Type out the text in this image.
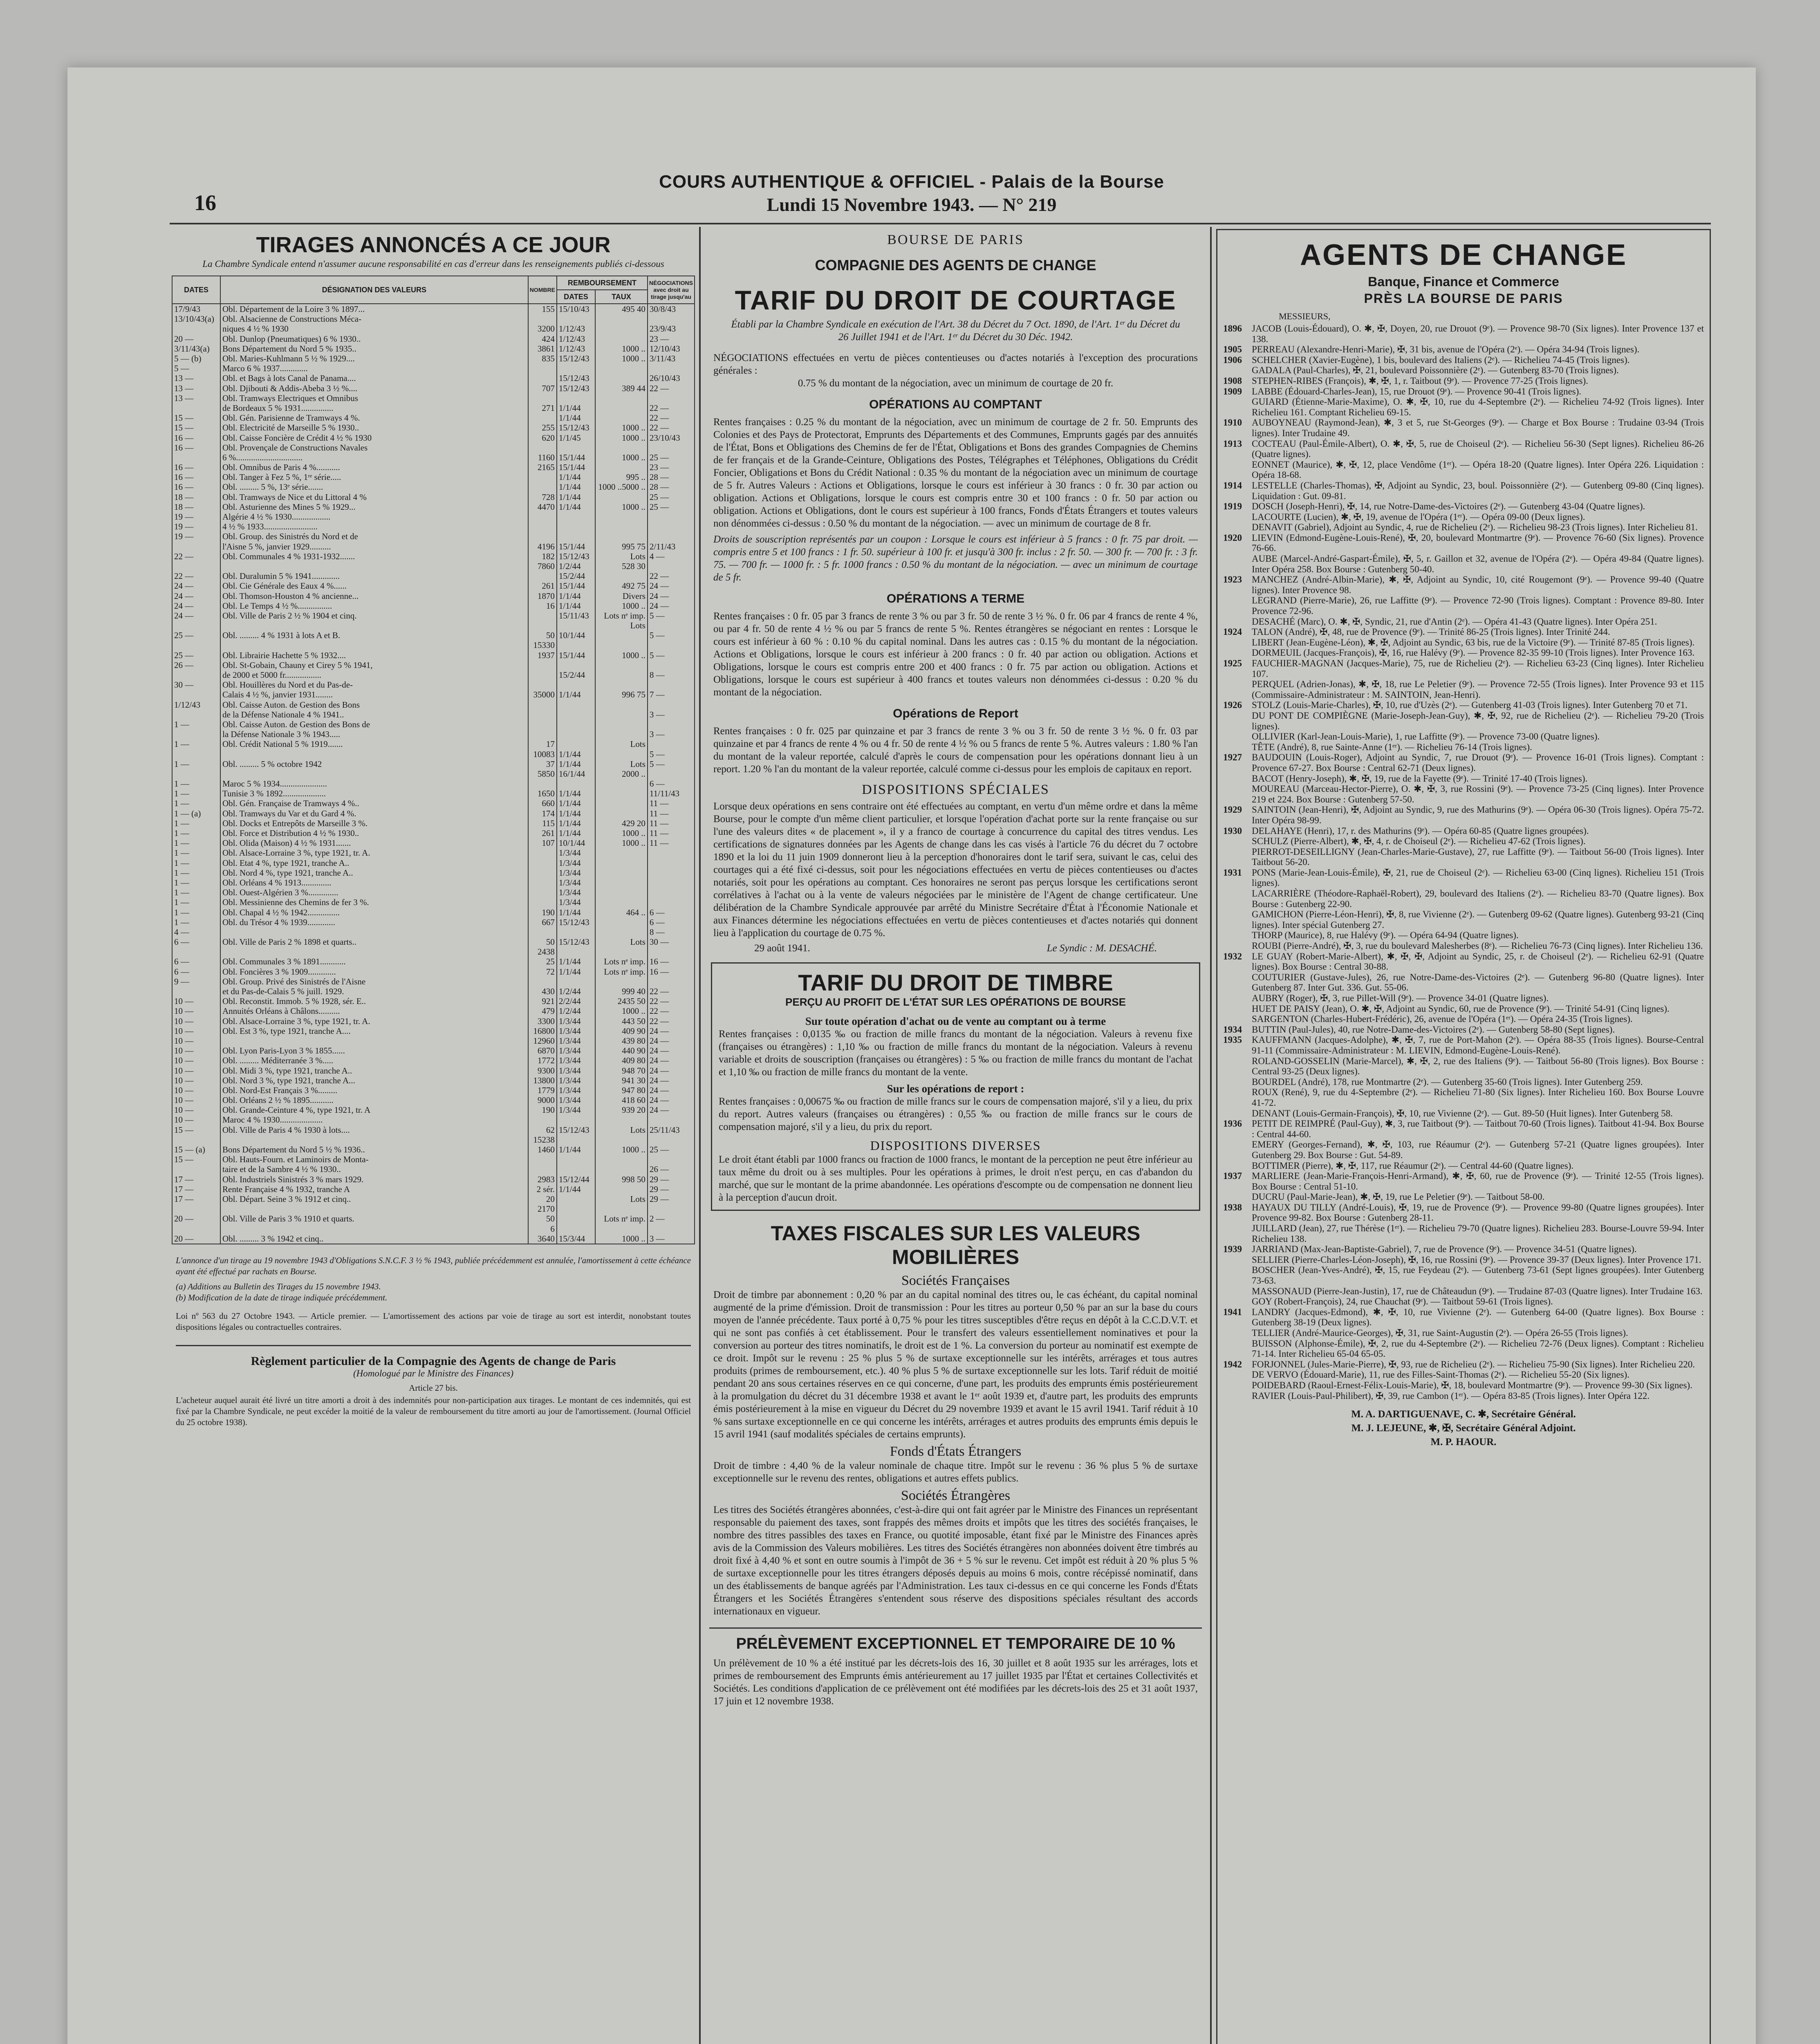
16
COURS AUTHENTIQUE & OFFICIEL - Palais de la Bourse
Lundi 15 Novembre 1943. — N° 219
TIRAGES ANNONCÉS A CE JOUR
La Chambre Syndicale entend n'assumer aucune responsabilité en cas d'erreur dans les renseignements publiés ci-dessous
DATES	DÉSIGNATION DES VALEURS	NOMBRE	REMBOURSEMENT		NÉGOCIATIONS avec droit au tirage jusqu'au
			DATES	TAUX	
17/9/43	Obl. Département de la Loire 3 % 1897...	155	15/10/43	495 40	30/8/43
13/10/43(a)	Obl. Alsacienne de Constructions Méca-				
	niques 4 ½ % 1930	3200	1/12/43		23/9/43
20 —	Obl. Dunlop (Pneumatiques) 6 % 1930..	424	1/12/43		23 —
3/11/43(a)	Bons Département du Nord 5 % 1935..	3861	1/12/43	1000 ..	12/10/43
5 — (b)	Obl. Maries-Kuhlmann 5 ½ % 1929....	835	15/12/43	1000 ..	3/11/43
5 —	Marco 6 % 1937.............				
13 —	Obl. et Bags à lots Canal de Panama....		15/12/43		26/10/43
13 —	Obl. Djibouti & Addis-Abeba 3 ½ %....	707	15/12/43	389 44	22 —
13 —	Obl. Tramways Electriques et Omnibus				
	de Bordeaux 5 % 1931...............	271	1/1/44		22 —
15 —	Obl. Gén. Parisienne de Tramways 4 %.		1/1/44		22 —
15 —	Obl. Electricité de Marseille 5 % 1930..	255	15/12/43	1000 ..	22 —
16 —	Obl. Caisse Foncière de Crédit 4 ½ % 1930	620	1/1/45	1000 ..	23/10/43
16 —	Obl. Provençale de Constructions Navales				
	6 %...............................	1160	15/1/44	1000 ..	25 —
16 —	Obl. Omnibus de Paris 4 %...........	2165	15/1/44		23 —
16 —	Obl. Tanger à Fez 5 %, 1ʳᵉ série.....		1/1/44	995 ..	28 —
16 —	Obl. ......... 5 %, 13ᵉ série.......		1/1/44	1000 ..5000 ..	28 —
18 —	Obl. Tramways de Nice et du Littoral 4 %	728	1/1/44		25 —
18 —	Obl. Asturienne des Mines 5 % 1929...	4470	1/1/44	1000 ..	25 —
19 —	Algérie 4 ½ % 1930..................				
19 —	4 ½ % 1933.........................				
19 —	Obl. Group. des Sinistrés du Nord et de				
	l'Aisne 5 %, janvier 1929..........	4196	15/1/44	995 75	2/11/43
22 —	Obl. Communales 4 % 1931-1932.......	182	15/12/43	Lots	4 —
		7860	1/2/44	528 30	
22 —	Obl. Duralumin 5 % 1941.............		15/2/44		22 —
24 —	Obl. Cie Générale des Eaux 4 %......	261	15/1/44	492 75	24 —
24 —	Obl. Thomson-Houston 4 % ancienne...	1870	1/1/44	Divers	24 —
24 —	Obl. Le Temps 4 ½ %................	16	1/1/44	1000 ..	24 —
24 —	Obl. Ville de Paris 2 ½ % 1904 et cinq.		15/11/43	Lots nᵉ imp.	5 —
				Lots	
25 —	Obl. ......... 4 % 1931 à lots A et B.	50	10/1/44		5 —
		15330			
25 —	Obl. Librairie Hachette 5 % 1932....	1937	15/1/44	1000 ..	5 —
26 —	Obl. St-Gobain, Chauny et Cirey 5 % 1941,				
	de 2000 et 5000 fr.................		15/2/44		8 —
30 —	Obl. Houillères du Nord et du Pas-de-				
	Calais 4 ½ %, janvier 1931........	35000	1/1/44	996 75	7 —
1/12/43	Obl. Caisse Auton. de Gestion des Bons				
	de la Défense Nationale 4 % 1941..				3 —
1 —	Obl. Caisse Auton. de Gestion des Bons de				
	la Défense Nationale 3 % 1943.....				3 —
1 —	Obl. Crédit National 5 % 1919.......	17		Lots	
		10083	1/1/44		5 —
1 —	Obl. ......... 5 % octobre 1942	37	1/1/44	Lots	5 —
		5850	16/1/44	2000 ..	
1 —	Maroc 5 % 1934......................				6 —
1 —	Tunisie 3 % 1892....................	1650	1/1/44		11/11/43
1 —	Obl. Gén. Française de Tramways 4 %..	660	1/1/44		11 —
1 — (a)	Obl. Tramways du Var et du Gard 4 %.	174	1/1/44		11 —
1 —	Obl. Docks et Entrepôts de Marseille 3 %.	115	1/1/44	429 20	11 —
1 —	Obl. Force et Distribution 4 ½ % 1930..	261	1/1/44	1000 ..	11 —
1 —	Obl. Olida (Maison) 4 ½ % 1931.......	107	10/1/44	1000 ..	11 —
1 —	Obl. Alsace-Lorraine 3 %, type 1921, tr. A.		1/3/44		
1 —	Obl. Etat 4 %, type 1921, tranche A..		1/3/44		
1 —	Obl. Nord 4 %, type 1921, tranche A..		1/3/44		
1 —	Obl. Orléans 4 % 1913..............		1/3/44		
1 —	Obl. Ouest-Algérien 3 %..............		1/3/44		
1 —	Obl. Messinienne des Chemins de fer 3 %.		1/3/44		
1 —	Obl. Chapal 4 ½ % 1942...............	190	1/1/44	464 ..	6 —
1 —	Obl. du Trésor 4 % 1939.............	667	15/12/43		6 —
4 —					8 —
6 —	Obl. Ville de Paris 2 % 1898 et quarts..	50	15/12/43	Lots	30 —
		2438			
6 —	Obl. Communales 3 % 1891............	25	1/1/44	Lots nᵉ imp.	16 —
6 —	Obl. Foncières 3 % 1909.............	72	1/1/44	Lots nᵉ imp.	16 —
9 —	Obl. Group. Privé des Sinistrés de l'Aisne				
	et du Pas-de-Calais 5 % juill. 1929.	430	1/2/44	999 40	22 —
10 —	Obl. Reconstit. Immob. 5 % 1928, sér. E..	921	2/2/44	2435 50	22 —
10 —	Annuités Orléans à Châlons..........	479	1/2/44	1000 ..	22 —
10 —	Obl. Alsace-Lorraine 3 %, type 1921, tr. A.	3300	1/3/44	443 50	22 —
10 —	Obl. Est 3 %, type 1921, tranche A....	16800	1/3/44	409 90	24 —
10 —		12960	1/3/44	439 80	24 —
10 —	Obl. Lyon Paris-Lyon 3 % 1855......	6870	1/3/44	440 90	24 —
10 —	Obl. ......... Méditerranée 3 %.....	1772	1/3/44	409 80	24 —
10 —	Obl. Midi 3 %, type 1921, tranche A..	9300	1/3/44	948 70	24 —
10 —	Obl. Nord 3 %, type 1921, tranche A...	13800	1/3/44	941 30	24 —
10 —	Obl. Nord-Est Français 3 %.........	1779	1/3/44	947 80	24 —
10 —	Obl. Orléans 2 ½ % 1895...........	9000	1/3/44	418 60	24 —
10 —	Obl. Grande-Ceinture 4 %, type 1921, tr. A	190	1/3/44	939 20	24 —
10 —	Maroc 4 % 1930....................				
15 —	Obl. Ville de Paris 4 % 1930 à lots....	62	15/12/43	Lots	25/11/43
		15238			
15 — (a)	Bons Département du Nord 5 ½ % 1936..	1460	1/1/44	1000 ..	25 —
15 —	Obl. Hauts-Fourn. et Laminoirs de Monta-				
	taire et de la Sambre 4 ½ % 1930..				26 —
17 —	Obl. Industriels Sinistrés 3 % mars 1929.	2983	15/12/44	998 50	29 —
17 —	Rente Française 4 % 1932, tranche A	2 sér.	1/1/44		29 —
17 —	Obl. Départ. Seine 3 % 1912 et cinq..	20		Lots	29 —
		2170			
20 —	Obl. Ville de Paris 3 % 1910 et quarts.	50		Lots nᵉ imp.	2 —
		6			
20 —	Obl. ......... 3 % 1942 et cinq..	3640	15/3/44	1000 ..	3 —
L'annonce d'un tirage au 19 novembre 1943 d'Obligations S.N.C.F. 3 ½ % 1943, publiée précédemment est annulée, l'amortissement à cette échéance ayant été effectué par rachats en Bourse.
(a) Additions au Bulletin des Tirages du 15 novembre 1943.
(b) Modification de la date de tirage indiquée précédemment.
Loi nº 563 du 27 Octobre 1943. — Article premier. — L'amortissement des actions par voie de tirage au sort est interdit, nonobstant toutes dispositions légales ou contractuelles contraires.
Règlement particulier de la Compagnie des Agents de change de Paris
(Homologué par le Ministre des Finances)
Article 27 bis.
L'acheteur auquel aurait été livré un titre amorti a droit à des indemnités pour non-participation aux tirages. Le montant de ces indemnités, qui est fixé par la Chambre Syndicale, ne peut excéder la moitié de la valeur de remboursement du titre amorti au jour de l'amortissement. (Journal Officiel du 25 octobre 1938).
BOURSE DE PARIS
COMPAGNIE DES AGENTS DE CHANGE
TARIF DU DROIT DE COURTAGE
Établi par la Chambre Syndicale en exécution de l'Art. 38 du Décret du 7 Oct. 1890, de l'Art. 1ᵉʳ du Décret du 26 Juillet 1941 et de l'Art. 1ᵉʳ du Décret du 30 Déc. 1942.
NÉGOCIATIONS effectuées en vertu de pièces contentieuses ou d'actes notariés à l'exception des procurations générales :
0.75 % du montant de la négociation, avec un minimum de courtage de 20 fr.
OPÉRATIONS AU COMPTANT
Rentes françaises : 0.25 % du montant de la négociation, avec un minimum de courtage de 2 fr. 50. Emprunts des Colonies et des Pays de Protectorat, Emprunts des Départements et des Communes, Emprunts gagés par des annuités de l'État, Bons et Obligations des Chemins de fer de l'État, Obligations et Bons des grandes Compagnies de Chemins de fer français et de la Grande-Ceinture, Obligations des Postes, Télégraphes et Téléphones, Obligations du Crédit Foncier, Obligations et Bons du Crédit National : 0.35 % du montant de la négociation avec un minimum de courtage de 5 fr. Autres Valeurs : Actions et Obligations, lorsque le cours est inférieur à 30 francs : 0 fr. 30 par action ou obligation. Actions et Obligations, lorsque le cours est compris entre 30 et 100 francs : 0 fr. 50 par action ou obligation. Actions et Obligations, dont le cours est supérieur à 100 francs, Fonds d'États Étrangers et toutes valeurs non dénommées ci-dessus : 0.50 % du montant de la négociation. — avec un minimum de courtage de 8 fr.
Droits de souscription représentés par un coupon : Lorsque le cours est inférieur à 5 francs : 0 fr. 75 par droit. — compris entre 5 et 100 francs : 1 fr. 50. supérieur à 100 fr. et jusqu'à 300 fr. inclus : 2 fr. 50. — 300 fr. — 700 fr. : 3 fr. 75. — 700 fr. — 1000 fr. : 5 fr. 1000 francs : 0.50 % du montant de la négociation. — avec un minimum de courtage de 5 fr.
OPÉRATIONS A TERME
Rentes françaises : 0 fr. 05 par 3 francs de rente 3 % ou par 3 fr. 50 de rente 3 ½ %. 0 fr. 06 par 4 francs de rente 4 %, ou par 4 fr. 50 de rente 4 ½ % ou par 5 francs de rente 5 %. Rentes étrangères se négociant en rentes : Lorsque le cours est inférieur à 60 % : 0.10 % du capital nominal. Dans les autres cas : 0.15 % du montant de la négociation. Actions et Obligations, lorsque le cours est inférieur à 200 francs : 0 fr. 40 par action ou obligation. Actions et Obligations, lorsque le cours est compris entre 200 et 400 francs : 0 fr. 75 par action ou obligation. Actions et Obligations, lorsque le cours est supérieur à 400 francs et toutes valeurs non dénommées ci-dessus : 0.20 % du montant de la négociation.
Opérations de Report
Rentes françaises : 0 fr. 025 par quinzaine et par 3 francs de rente 3 % ou 3 fr. 50 de rente 3 ½ %. 0 fr. 03 par quinzaine et par 4 francs de rente 4 % ou 4 fr. 50 de rente 4 ½ % ou 5 francs de rente 5 %. Autres valeurs : 1.80 % l'an du montant de la valeur reportée, calculé d'après le cours de compensation pour les opérations donnant lieu à un report. 1.20 % l'an du montant de la valeur reportée, calculé comme ci-dessus pour les emplois de capitaux en report.
DISPOSITIONS SPÉCIALES
Lorsque deux opérations en sens contraire ont été effectuées au comptant, en vertu d'un même ordre et dans la même Bourse, pour le compte d'un même client particulier, et lorsque l'opération d'achat porte sur la rente française ou sur l'une des valeurs dites « de placement », il y a franco de courtage à concurrence du capital des titres vendus. Les certifications de signatures données par les Agents de change dans les cas visés à l'article 76 du décret du 7 octobre 1890 et la loi du 11 juin 1909 donneront lieu à la perception d'honoraires dont le tarif sera, suivant le cas, celui des courtages qui a été fixé ci-dessus, soit pour les négociations effectuées en vertu de pièces contentieuses ou d'actes notariés, soit pour les opérations au comptant. Ces honoraires ne seront pas perçus lorsque les certifications seront corrélatives à l'achat ou à la vente de valeurs négociées par le ministère de l'Agent de change certificateur. Une délibération de la Chambre Syndicale approuvée par arrêté du Ministre Secrétaire d'État à l'Économie Nationale et aux Finances détermine les négociations effectuées en vertu de pièces contentieuses et d'actes notariés qui donnent lieu à l'application du courtage de 0.75 %.
29 août 1941.	Le Syndic : M. DESACHÉ.
TARIF DU DROIT DE TIMBRE
PERÇU AU PROFIT DE L'ÉTAT SUR LES OPÉRATIONS DE BOURSE
Sur toute opération d'achat ou de vente au comptant ou à terme
Rentes françaises : 0,0135 ‰ ou fraction de mille francs du montant de la négociation. Valeurs à revenu fixe (françaises ou étrangères) : 1,10 ‰ ou fraction de mille francs du montant de la négociation. Valeurs à revenu variable et droits de souscription (françaises ou étrangères) : 5 ‰ ou fraction de mille francs du montant de l'achat et 1,10 ‰ ou fraction de mille francs du montant de la vente.
Sur les opérations de report :
Rentes françaises : 0,00675 ‰ ou fraction de mille francs sur le cours de compensation majoré, s'il y a lieu, du prix du report. Autres valeurs (françaises ou étrangères) : 0,55 ‰ ou fraction de mille francs sur le cours de compensation majoré, s'il y a lieu, du prix du report.
DISPOSITIONS DIVERSES
Le droit étant établi par 1000 francs ou fraction de 1000 francs, le montant de la perception ne peut être inférieur au taux même du droit ou à ses multiples. Pour les opérations à primes, le droit n'est perçu, en cas d'abandon du marché, que sur le montant de la prime abandonnée. Les opérations d'escompte ou de compensation ne donnent lieu à la perception d'aucun droit.
TAXES FISCALES SUR LES VALEURS MOBILIÈRES
Sociétés Françaises
Droit de timbre par abonnement : 0,20 % par an du capital nominal des titres ou, le cas échéant, du capital nominal augmenté de la prime d'émission. Droit de transmission : Pour les titres au porteur 0,50 % par an sur la base du cours moyen de l'année précédente. Taux porté à 0,75 % pour les titres susceptibles d'être reçus en dépôt à la C.C.D.V.T. et qui ne sont pas confiés à cet établissement. Pour le transfert des valeurs essentiellement nominatives et pour la conversion au porteur des titres nominatifs, le droit est de 1 %. La conversion du porteur au nominatif est exempte de ce droit. Impôt sur le revenu : 25 % plus 5 % de surtaxe exceptionnelle sur les intérêts, arrérages et tous autres produits (primes de remboursement, etc.). 40 % plus 5 % de surtaxe exceptionnelle sur les lots. Tarif réduit de moitié pendant 20 ans sous certaines réserves en ce qui concerne, d'une part, les produits des emprunts émis postérieurement à la promulgation du décret du 31 décembre 1938 et avant le 1ᵉʳ août 1939 et, d'autre part, les produits des emprunts émis postérieurement à la mise en vigueur du Décret du 29 novembre 1939 et avant le 15 avril 1941. Tarif réduit à 10 % sans surtaxe exceptionnelle en ce qui concerne les intérêts, arrérages et autres produits des emprunts émis depuis le 15 avril 1941 (sauf modalités spéciales de certains emprunts).
Fonds d'États Étrangers
Droit de timbre : 4,40 % de la valeur nominale de chaque titre. Impôt sur le revenu : 36 % plus 5 % de surtaxe exceptionnelle sur le revenu des rentes, obligations et autres effets publics.
Sociétés Étrangères
Les titres des Sociétés étrangères abonnées, c'est-à-dire qui ont fait agréer par le Ministre des Finances un représentant responsable du paiement des taxes, sont frappés des mêmes droits et impôts que les titres des sociétés françaises, le nombre des titres passibles des taxes en France, ou quotité imposable, étant fixé par le Ministre des Finances après avis de la Commission des Valeurs mobilières. Les titres des Sociétés étrangères non abonnées doivent être timbrés au droit fixé à 4,40 % et sont en outre soumis à l'impôt de 36 + 5 % sur le revenu. Cet impôt est réduit à 20 % plus 5 % de surtaxe exceptionnelle pour les titres étrangers déposés depuis au moins 6 mois, contre récépissé nominatif, dans un des établissements de banque agréés par l'Administration. Les taux ci-dessus en ce qui concerne les Fonds d'États Étrangers et les Sociétés Étrangères s'entendent sous réserve des dispositions spéciales résultant des accords internationaux en vigueur.
PRÉLÈVEMENT EXCEPTIONNEL ET TEMPORAIRE DE 10 %
Un prélèvement de 10 % a été institué par les décrets-lois des 16, 30 juillet et 8 août 1935 sur les arrérages, lots et primes de remboursement des Emprunts émis antérieurement au 17 juillet 1935 par l'État et certaines Collectivités et Sociétés. Les conditions d'application de ce prélèvement ont été modifiées par les décrets-lois des 25 et 31 août 1937, 17 juin et 12 novembre 1938.
AGENTS DE CHANGE
Banque, Finance et Commerce
PRÈS LA BOURSE DE PARIS
MESSIEURS,
1896	JACOB (Louis-Édouard), O. ✱, ✠, Doyen, 20, rue Drouot (9ᵉ). — Provence 98-70 (Six lignes). Inter Provence 137 et 138.
1905	PERREAU (Alexandre-Henri-Marie), ✠, 31 bis, avenue de l'Opéra (2ᵉ). — Opéra 34-94 (Trois lignes).
1906	SCHELCHER (Xavier-Eugène), 1 bis, boulevard des Italiens (2ᵉ). — Richelieu 74-45 (Trois lignes).
GADALA (Paul-Charles), ✠, 21, boulevard Poissonnière (2ᵉ). — Gutenberg 83-70 (Trois lignes).
1908	STEPHEN-RIBES (François), ✱, ✠, 1, r. Taitbout (9ᵉ). — Provence 77-25 (Trois lignes).
1909	LABBE (Édouard-Charles-Jean), 15, rue Drouot (9ᵉ). — Provence 90-41 (Trois lignes).
GUIARD (Étienne-Marie-Maxime), O. ✱, ✠, 10, rue du 4-Septembre (2ᵉ). — Richelieu 74-92 (Trois lignes). Inter Richelieu 161. Comptant Richelieu 69-15.
1910	AUBOYNEAU (Raymond-Jean), ✱, 3 et 5, rue St-Georges (9ᵉ). — Charge et Box Bourse : Trudaine 03-94 (Trois lignes). Inter Trudaine 49.
1913	COCTEAU (Paul-Émile-Albert), O. ✱, ✠, 5, rue de Choiseul (2ᵉ). — Richelieu 56-30 (Sept lignes). Richelieu 86-26 (Quatre lignes).
EONNET (Maurice), ✱, ✠, 12, place Vendôme (1ᵉʳ). — Opéra 18-20 (Quatre lignes). Inter Opéra 226. Liquidation : Opéra 18-68.
1914	LESTELLE (Charles-Thomas), ✠, Adjoint au Syndic, 23, boul. Poissonnière (2ᵉ). — Gutenberg 09-80 (Cinq lignes). Liquidation : Gut. 09-81.
1919	DOSCH (Joseph-Henri), ✠, 14, rue Notre-Dame-des-Victoires (2ᵉ). — Gutenberg 43-04 (Quatre lignes).
LACOURTE (Lucien), ✱, ✠, 19, avenue de l'Opéra (1ᵉʳ). — Opéra 09-00 (Deux lignes).
DENAVIT (Gabriel), Adjoint au Syndic, 4, rue de Richelieu (2ᵉ). — Richelieu 98-23 (Trois lignes). Inter Richelieu 81.
1920	LIEVIN (Edmond-Eugène-Louis-René), ✠, 20, boulevard Montmartre (9ᵉ). — Provence 76-60 (Six lignes). Provence 76-66.
AUBE (Marcel-André-Gaspart-Émile), ✠, 5, r. Gaillon et 32, avenue de l'Opéra (2ᵉ). — Opéra 49-84 (Quatre lignes). Inter Opéra 258. Box Bourse : Gutenberg 50-40.
1923	MANCHEZ (André-Albin-Marie), ✱, ✠, Adjoint au Syndic, 10, cité Rougemont (9ᵉ). — Provence 99-40 (Quatre lignes). Inter Provence 98.
LEGRAND (Pierre-Marie), 26, rue Laffitte (9ᵉ). — Provence 72-90 (Trois lignes). Comptant : Provence 89-80. Inter Provence 72-96.
DESACHÉ (Marc), O. ✱, ✠, Syndic, 21, rue d'Antin (2ᵉ). — Opéra 41-43 (Quatre lignes). Inter Opéra 251.
1924	TALON (André), ✠, 48, rue de Provence (9ᵉ). — Trinité 86-25 (Trois lignes). Inter Trinité 244.
LIBERT (Jean-Eugène-Léon), ✱, ✠, Adjoint au Syndic, 63 bis, rue de la Victoire (9ᵉ). — Trinité 87-85 (Trois lignes).
DORMEUIL (Jacques-François), ✠, 16, rue Halévy (9ᵉ). — Provence 82-35 99-10 (Trois lignes). Inter Provence 163.
1925	FAUCHIER-MAGNAN (Jacques-Marie), 75, rue de Richelieu (2ᵉ). — Richelieu 63-23 (Cinq lignes). Inter Richelieu 107.
PERQUEL (Adrien-Jonas), ✱, ✠, 18, rue Le Peletier (9ᵉ). — Provence 72-55 (Trois lignes). Inter Provence 93 et 115 (Commissaire-Administrateur : M. SAINTOIN, Jean-Henri).
1926	STOLZ (Louis-Marie-Charles), ✠, 10, rue d'Uzès (2ᵉ). — Gutenberg 41-03 (Trois lignes). Inter Gutenberg 70 et 71.
DU PONT DE COMPIÈGNE (Marie-Joseph-Jean-Guy), ✱, ✠, 92, rue de Richelieu (2ᵉ). — Richelieu 79-20 (Trois lignes).
OLLIVIER (Karl-Jean-Louis-Marie), 1, rue Laffitte (9ᵉ). — Provence 73-00 (Quatre lignes).
TÊTE (André), 8, rue Sainte-Anne (1ᵉʳ). — Richelieu 76-14 (Trois lignes).
1927	BAUDOUIN (Louis-Roger), Adjoint au Syndic, 7, rue Drouot (9ᵉ). — Provence 16-01 (Trois lignes). Comptant : Provence 67-27. Box Bourse : Central 62-71 (Deux lignes).
BACOT (Henry-Joseph), ✱, ✠, 19, rue de la Fayette (9ᵉ). — Trinité 17-40 (Trois lignes).
MOUREAU (Marceau-Hector-Pierre), O. ✱, ✠, 3, rue Rossini (9ᵉ). — Provence 73-25 (Cinq lignes). Inter Provence 219 et 224. Box Bourse : Gutenberg 57-50.
1929	SAINTOIN (Jean-Henri), ✠, Adjoint au Syndic, 9, rue des Mathurins (9ᵉ). — Opéra 06-30 (Trois lignes). Opéra 75-72. Inter Opéra 98-99.
1930	DELAHAYE (Henri), 17, r. des Mathurins (9ᵉ). — Opéra 60-85 (Quatre lignes groupées).
SCHULZ (Pierre-Albert), ✱, ✠, 4, r. de Choiseul (2ᵉ). — Richelieu 47-62 (Trois lignes).
PIERROT-DESEILLIGNY (Jean-Charles-Marie-Gustave), 27, rue Laffitte (9ᵉ). — Taitbout 56-00 (Trois lignes). Inter Taitbout 56-20.
1931	PONS (Marie-Jean-Louis-Émile), ✠, 21, rue de Choiseul (2ᵉ). — Richelieu 63-00 (Cinq lignes). Richelieu 151 (Trois lignes).
LACARRIÈRE (Théodore-Raphaël-Robert), 29, boulevard des Italiens (2ᵉ). — Richelieu 83-70 (Quatre lignes). Box Bourse : Gutenberg 22-90.
GAMICHON (Pierre-Léon-Henri), ✠, 8, rue Vivienne (2ᵉ). — Gutenberg 09-62 (Quatre lignes). Gutenberg 93-21 (Cinq lignes). Inter spécial Gutenberg 27.
THORP (Maurice), 8, rue Halévy (9ᵉ). — Opéra 64-94 (Quatre lignes).
ROUBI (Pierre-André), ✠, 3, rue du boulevard Malesherbes (8ᵉ). — Richelieu 76-73 (Cinq lignes). Inter Richelieu 136.
1932	LE GUAY (Robert-Marie-Albert), ✱, ✠, ✠, Adjoint au Syndic, 25, r. de Choiseul (2ᵉ). — Richelieu 62-91 (Quatre lignes). Box Bourse : Central 30-88.
COUTURIER (Gustave-Jules), 26, rue Notre-Dame-des-Victoires (2ᵉ). — Gutenberg 96-80 (Quatre lignes). Inter Gutenberg 87. Inter Gut. 336. Gut. 55-06.
AUBRY (Roger), ✠, 3, rue Pillet-Will (9ᵉ). — Provence 34-01 (Quatre lignes).
HUET DE PAISY (Jean), O. ✱, ✠, Adjoint au Syndic, 60, rue de Provence (9ᵉ). — Trinité 54-91 (Cinq lignes).
SARGENTON (Charles-Hubert-Frédéric), 26, avenue de l'Opéra (1ᵉʳ). — Opéra 24-35 (Trois lignes).
1934	BUTTIN (Paul-Jules), 40, rue Notre-Dame-des-Victoires (2ᵉ). — Gutenberg 58-80 (Sept lignes).
1935	KAUFFMANN (Jacques-Adolphe), ✱, ✠, 7, rue de Port-Mahon (2ᵉ). — Opéra 88-35 (Trois lignes). Bourse-Central 91-11 (Commissaire-Administrateur : M. LIEVIN, Edmond-Eugène-Louis-René).
ROLAND-GOSSELIN (Marie-Marcel), ✱, ✠, 2, rue des Italiens (9ᵉ). — Taitbout 56-80 (Trois lignes). Box Bourse : Central 93-25 (Deux lignes).
BOURDEL (André), 178, rue Montmartre (2ᵉ). — Gutenberg 35-60 (Trois lignes). Inter Gutenberg 259.
ROUX (René), 9, rue du 4-Septembre (2ᵉ). — Richelieu 71-80 (Six lignes). Inter Richelieu 160. Box Bourse Louvre 41-72.
DENANT (Louis-Germain-François), ✠, 10, rue Vivienne (2ᵉ). — Gut. 89-50 (Huit lignes). Inter Gutenberg 58.
1936	PETIT DE REIMPRÉ (Paul-Guy), ✱, 3, rue Taitbout (9ᵉ). — Taitbout 70-60 (Trois lignes). Taitbout 41-94. Box Bourse : Central 44-60.
EMERY (Georges-Fernand), ✱, ✠, 103, rue Réaumur (2ᵉ). — Gutenberg 57-21 (Quatre lignes groupées). Inter Gutenberg 29. Box Bourse : Gut. 54-89.
BOTTIMER (Pierre), ✱, ✠, 117, rue Réaumur (2ᵉ). — Central 44-60 (Quatre lignes).
1937	MARLIERE (Jean-Marie-François-Henri-Armand), ✱, ✠, 60, rue de Provence (9ᵉ). — Trinité 12-55 (Trois lignes). Box Bourse : Central 51-10.
DUCRU (Paul-Marie-Jean), ✱, ✠, 19, rue Le Peletier (9ᵉ). — Taitbout 58-00.
1938	HAYAUX DU TILLY (André-Louis), ✠, 19, rue de Provence (9ᵉ). — Provence 99-80 (Quatre lignes groupées). Inter Provence 99-82. Box Bourse : Gutenberg 28-11.
JUILLARD (Jean), 27, rue Thérèse (1ᵉʳ). — Richelieu 79-70 (Quatre lignes). Richelieu 283. Bourse-Louvre 59-94. Inter Richelieu 138.
1939	JARRIAND (Max-Jean-Baptiste-Gabriel), 7, rue de Provence (9ᵉ). — Provence 34-51 (Quatre lignes).
SELLIER (Pierre-Charles-Léon-Joseph), ✠, 16, rue Rossini (9ᵉ). — Provence 39-37 (Deux lignes). Inter Provence 171.
BOSCHER (Jean-Yves-André), ✠, 15, rue Feydeau (2ᵉ). — Gutenberg 73-61 (Sept lignes groupées). Inter Gutenberg 73-63.
MASSONAUD (Pierre-Jean-Justin), 17, rue de Châteaudun (9ᵉ). — Trudaine 87-03 (Quatre lignes). Inter Trudaine 163.
GOY (Robert-François), 24, rue Chauchat (9ᵉ). — Taitbout 59-61 (Trois lignes).
1941	LANDRY (Jacques-Edmond), ✱, ✠, 10, rue Vivienne (2ᵉ). — Gutenberg 64-00 (Quatre lignes). Box Bourse : Gutenberg 38-19 (Deux lignes).
TELLIER (André-Maurice-Georges), ✠, 31, rue Saint-Augustin (2ᵉ). — Opéra 26-55 (Trois lignes).
BUISSON (Alphonse-Émile), ✠, 2, rue du 4-Septembre (2ᵉ). — Richelieu 72-76 (Deux lignes). Comptant : Richelieu 71-14. Inter Richelieu 65-04 65-05.
1942	FORJONNEL (Jules-Marie-Pierre), ✠, 93, rue de Richelieu (2ᵉ). — Richelieu 75-90 (Six lignes). Inter Richelieu 220.
DE VERVO (Édouard-Marie), 11, rue des Filles-Saint-Thomas (2ᵉ). — Richelieu 55-20 (Six lignes).
POIDEBARD (Raoul-Ernest-Félix-Louis-Marie), ✠, 18, boulevard Montmartre (9ᵉ). — Provence 99-30 (Six lignes).
RAVIER (Louis-Paul-Philibert), ✠, 39, rue Cambon (1ᵉʳ). — Opéra 83-85 (Trois lignes). Inter Opéra 122.
M. A. DARTIGUENAVE, C. ✱, Secrétaire Général.
M. J. LEJEUNE, ✱, ✠, Secrétaire Général Adjoint.
M. P. HAOUR.
